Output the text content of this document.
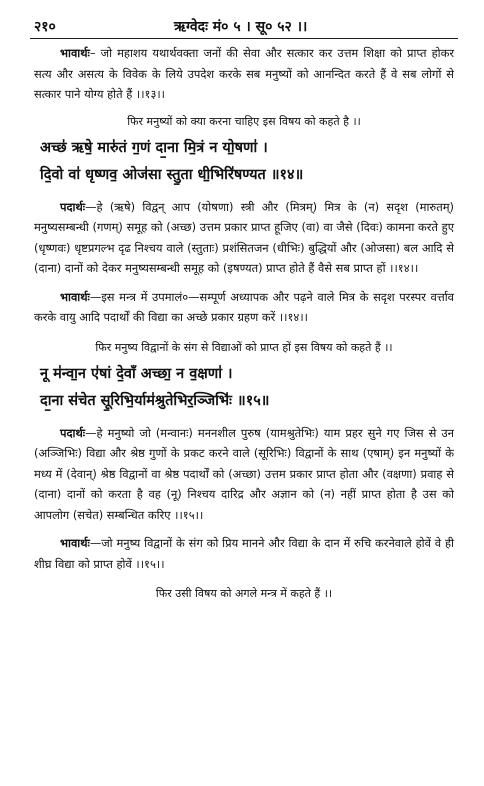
२१०	ऋग्वेदः मं० ५ । सू० ५२ ।।

भावार्थः– जो महाशय यथार्थवक्ता जनों की सेवा और सत्कार कर उत्तम शिक्षा को प्राप्त होकर सत्य और असत्य के विवेक के लिये उपदेश करके सब मनुष्यों को आनन्दित करते हैं वे सब लोगों से सत्कार पाने योग्य होते हैं ।।१३।।

फिर मनुष्यों को क्या करना चाहिए इस विषय को कहते है ।।

अच्छ॑ ऋषे॒ मारु॑तं ग॒णं दा॒ना मि॒त्रं न यो॒षणा॑ ।

दि॒वो वा॑ धृष्णव॒ ओज॑सा स्तु॒ता धी॒भिरि॑षण्यत ॥१४॥

पदार्थः—हे (ऋषे) विद्वन् आप (योषणा) स्त्री और (मित्रम्) मित्र के (न) सदृश (मारुतम्) मनुष्यसम्बन्धी (गणम्) समूह को (अच्छ) उत्तम प्रकार प्राप्त हूजिए (वा) वा जैसे (दिवः) कामना करते हुए (धृष्णवः) धृष्टप्रगल्भ दृढ निश्चय वाले (स्तुताः) प्रशंसितजन (धीभिः) बुद्धियों और (ओजसा) बल आदि से (दाना) दानों को देकर मनुष्यसम्बन्धी समूह को (इषण्यत) प्राप्त होते हैं वैसे सब प्राप्त हों ।।१४।।

भावार्थः—इस मन्त्र में उपमालं०—सम्पूर्ण अध्यापक और पढ़ने वाले मित्र के सदृश परस्पर वर्त्ताव करके वायु आदि पदार्थों की विद्या का अच्छे प्रकार ग्रहण करें ।।१४।।

फिर मनुष्य विद्वानों के संग से विद्याओं को प्राप्त हों इस विषय को कहते हैं ।।

नू म॑न्वा॒न ए॑षां दे॒वाँ अच्छा॒ न व॒क्षणा॑ ।

दा॒ना स॑चेत सू॒रिभि॒र्याम॑श्रुतेभिर॒ञ्जिभिः॑ ॥१५॥

पदार्थः—हे मनुष्यो जो (मन्वानः) मननशील पुरुष (यामश्रुतेभिः) याम प्रहर सुने गए जिस से उन (अञ्जिभिः) विद्या और श्रेष्ठ गुणों के प्रकट करने वाले (सूरिभिः) विद्वानों के साथ (एषाम्) इन मनुष्यों के मध्य में (देवान्) श्रेष्ठ विद्वानों वा श्रेष्ठ पदार्थों को (अच्छा) उत्तम प्रकार प्राप्त होता और (वक्षणा) प्रवाह से (दाना) दानों को करता है वह (नू) निश्चय दारिद्र और अज्ञान को (न) नहीं प्राप्त होता है उस को आपलोग (सचेत) सम्बन्धित करिए ।।१५।।

भावार्थः—जो मनुष्य विद्वानों के संग को प्रिय मानने और विद्या के दान में रुचि करनेवाले होवें वे ही शीघ्र विद्या को प्राप्त होवें ।।१५।।

फिर उसी विषय को अगले मन्त्र में कहते हैं ।।
